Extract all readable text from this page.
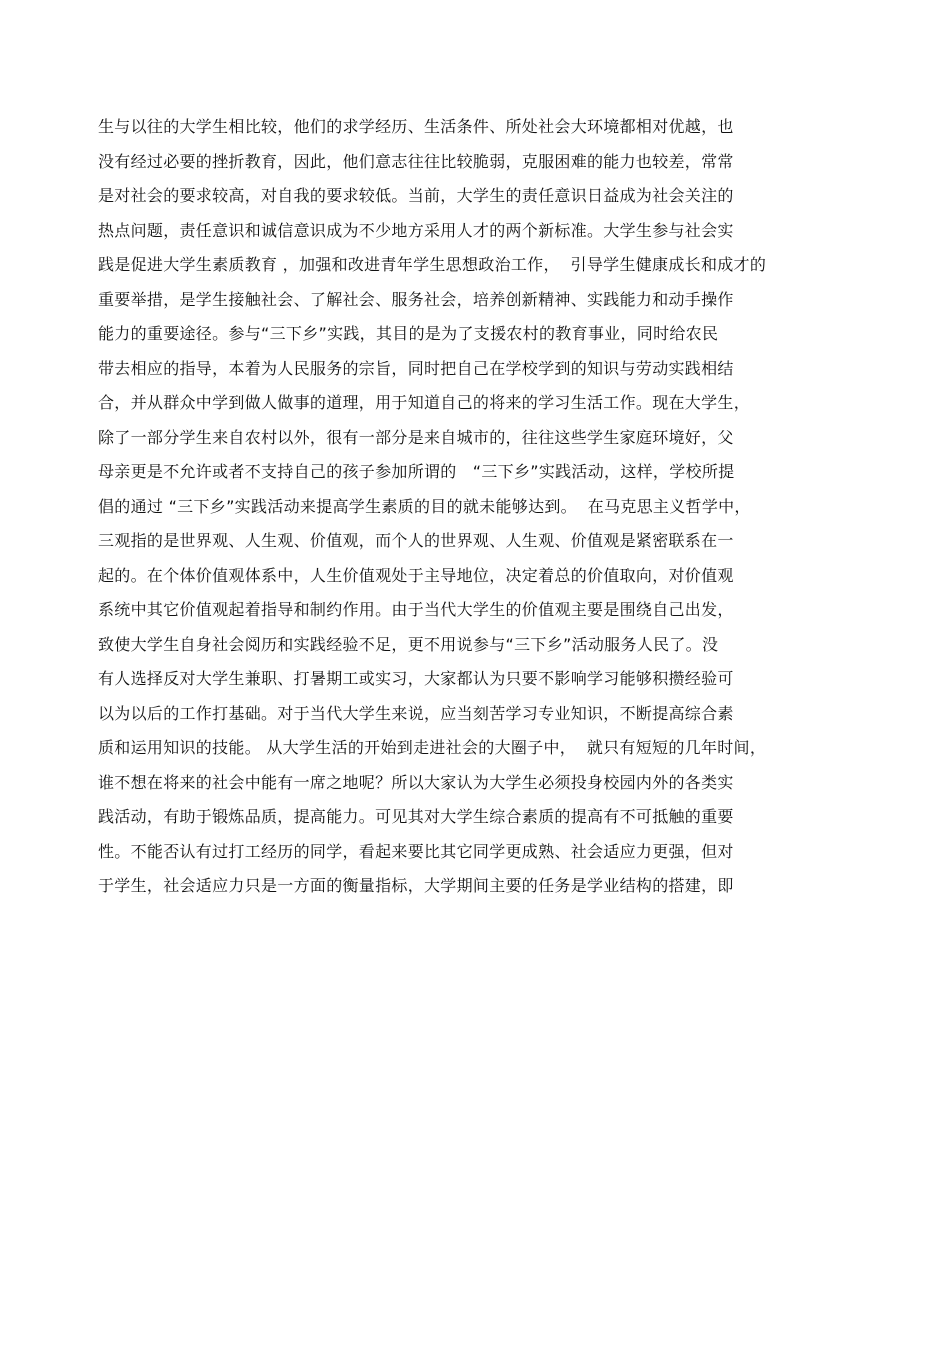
生与以往的大学生相比较，他们的求学经历、生活条件、所处社会大环境都相对优越，也
没有经过必要的挫折教育，因此，他们意志往往比较脆弱，克服困难的能力也较差，常常
是对社会的要求较高，对自我的要求较低。当前，大学生的责任意识日益成为社会关注的
热点问题，责任意识和诚信意识成为不少地方采用人才的两个新标准。大学生参与社会实
践是促进大学生素质教育 ，加强和改进青年学生思想政治工作，  引导学生健康成长和成才的
重要举措，是学生接触社会、了解社会、服务社会，培养创新精神、实践能力和动手操作
能力的重要途径。参与“三下乡”实践，其目的是为了支援农村的教育事业，同时给农民
带去相应的指导，本着为人民服务的宗旨，同时把自己在学校学到的知识与劳动实践相结
合，并从群众中学到做人做事的道理，用于知道自己的将来的学习生活工作。现在大学生，
除了一部分学生来自农村以外，很有一部分是来自城市的，往往这些学生家庭环境好，父
母亲更是不允许或者不支持自己的孩子参加所谓的   “三下乡”实践活动，这样，学校所提
倡的通过 “三下乡”实践活动来提高学生素质的目的就未能够达到。  在马克思主义哲学中，
三观指的是世界观、人生观、价值观，而个人的世界观、人生观、价值观是紧密联系在一
起的。在个体价值观体系中，人生价值观处于主导地位，决定着总的价值取向，对价值观
系统中其它价值观起着指导和制约作用。由于当代大学生的价值观主要是围绕自己出发，
致使大学生自身社会阅历和实践经验不足，更不用说参与“三下乡”活动服务人民了。没
有人选择反对大学生兼职、打暑期工或实习，大家都认为只要不影响学习能够积攒经验可
以为以后的工作打基础。对于当代大学生来说，应当刻苦学习专业知识，不断提高综合素
质和运用知识的技能。 从大学生活的开始到走进社会的大圈子中，  就只有短短的几年时间，
谁不想在将来的社会中能有一席之地呢？所以大家认为大学生必须投身校园内外的各类实
践活动，有助于锻炼品质，提高能力。可见其对大学生综合素质的提高有不可抵触的重要
性。不能否认有过打工经历的同学，看起来要比其它同学更成熟、社会适应力更强，但对
于学生，社会适应力只是一方面的衡量指标，大学期间主要的任务是学业结构的搭建，即
